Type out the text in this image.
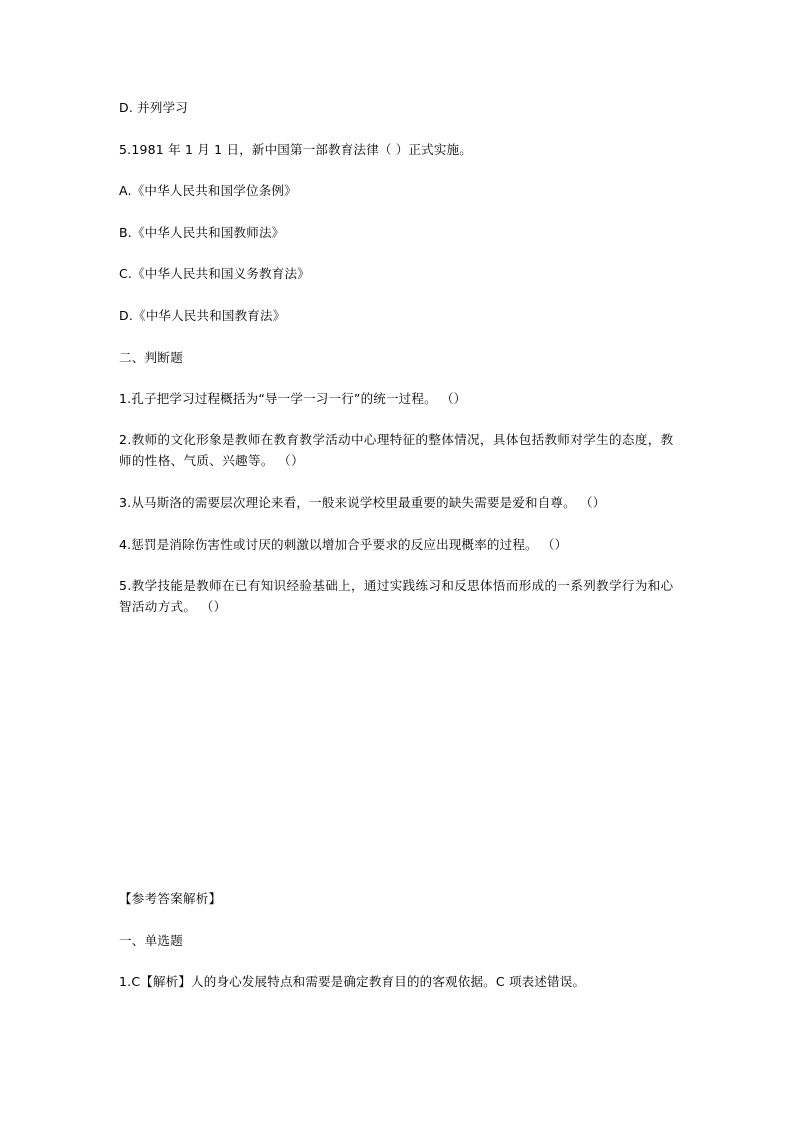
D. 并列学习
5.1981 年 1 月 1 日，新中国第一部教育法律（ ）正式实施。
A.《中华人民共和国学位条例》
B.《中华人民共和国教师法》
C.《中华人民共和国义务教育法》
D.《中华人民共和国教育法》
二、判断题
1.孔子把学习过程概括为“导一学一习一行”的统一过程。 （）
2.教师的文化形象是教师在教育教学活动中心理特征的整体情况，具体包括教师对学生的态度，教师的性格、气质、兴趣等。 （）
3.从马斯洛的需要层次理论来看，一般来说学校里最重要的缺失需要是爱和自尊。 （）
4.惩罚是消除伤害性或讨厌的刺激以增加合乎要求的反应出现概率的过程。 （）
5.教学技能是教师在已有知识经验基础上，通过实践练习和反思体悟而形成的一系列教学行为和心智活动方式。 （）
【参考答案解析】
一、单选题
1.C【解析】人的身心发展特点和需要是确定教育目的的客观依据。C 项表述错误。
